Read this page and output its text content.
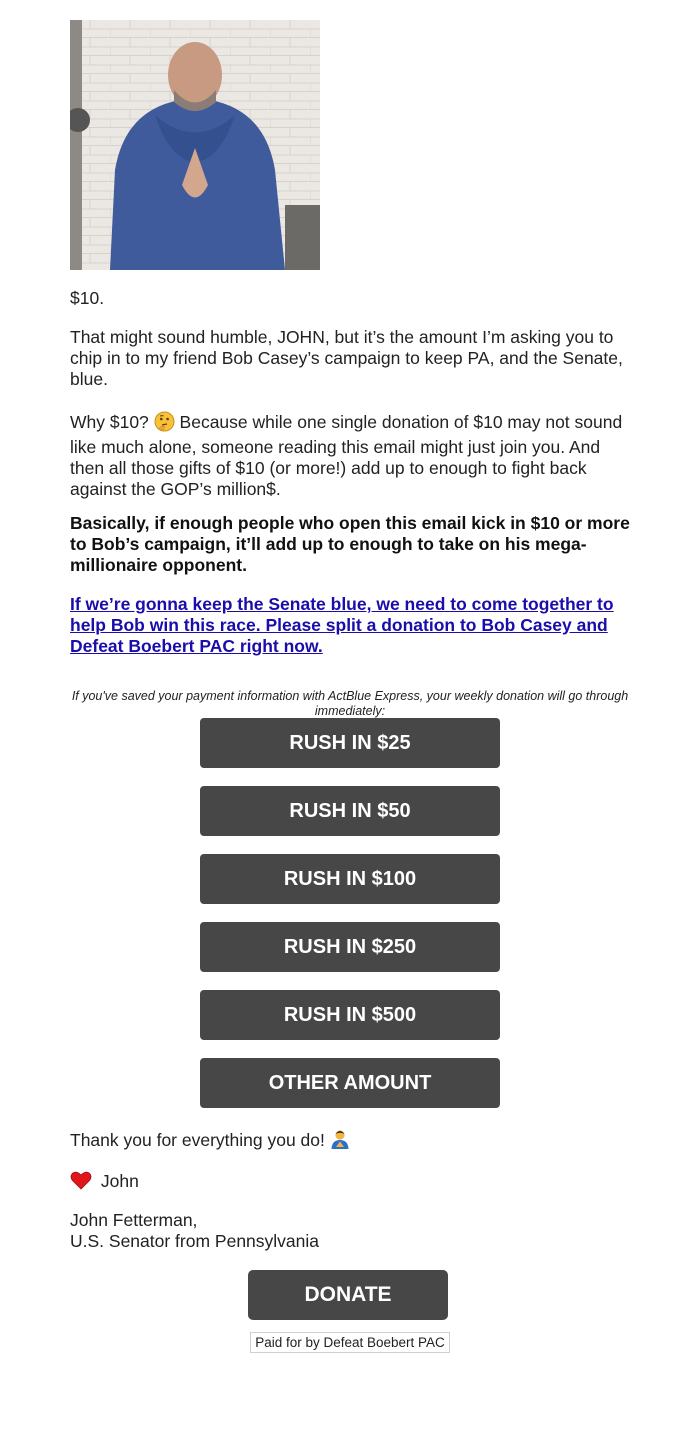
$10.

That might sound humble, JOHN, but it’s the amount I’m asking you to chip in to my friend Bob Casey’s campaign to keep PA, and the Senate, blue.

Why $10? Because while one single donation of $10 may not sound like much alone, someone reading this email might just join you. And then all those gifts of $10 (or more!) add up to enough to fight back against the GOP’s million$.

Basically, if enough people who open this email kick in $10 or more to Bob’s campaign, it’ll add up to enough to take on his mega-millionaire opponent.

If we’re gonna keep the Senate blue, we need to come together to help Bob win this race. Please split a donation to Bob Casey and Defeat Boebert PAC right now.

If you've saved your payment information with ActBlue Express, your weekly donation will go through immediately:

RUSH IN $25
RUSH IN $50
RUSH IN $100
RUSH IN $250
RUSH IN $500
OTHER AMOUNT

Thank you for everything you do!

John

John Fetterman,
U.S. Senator from Pennsylvania

DONATE
Paid for by Defeat Boebert PAC
